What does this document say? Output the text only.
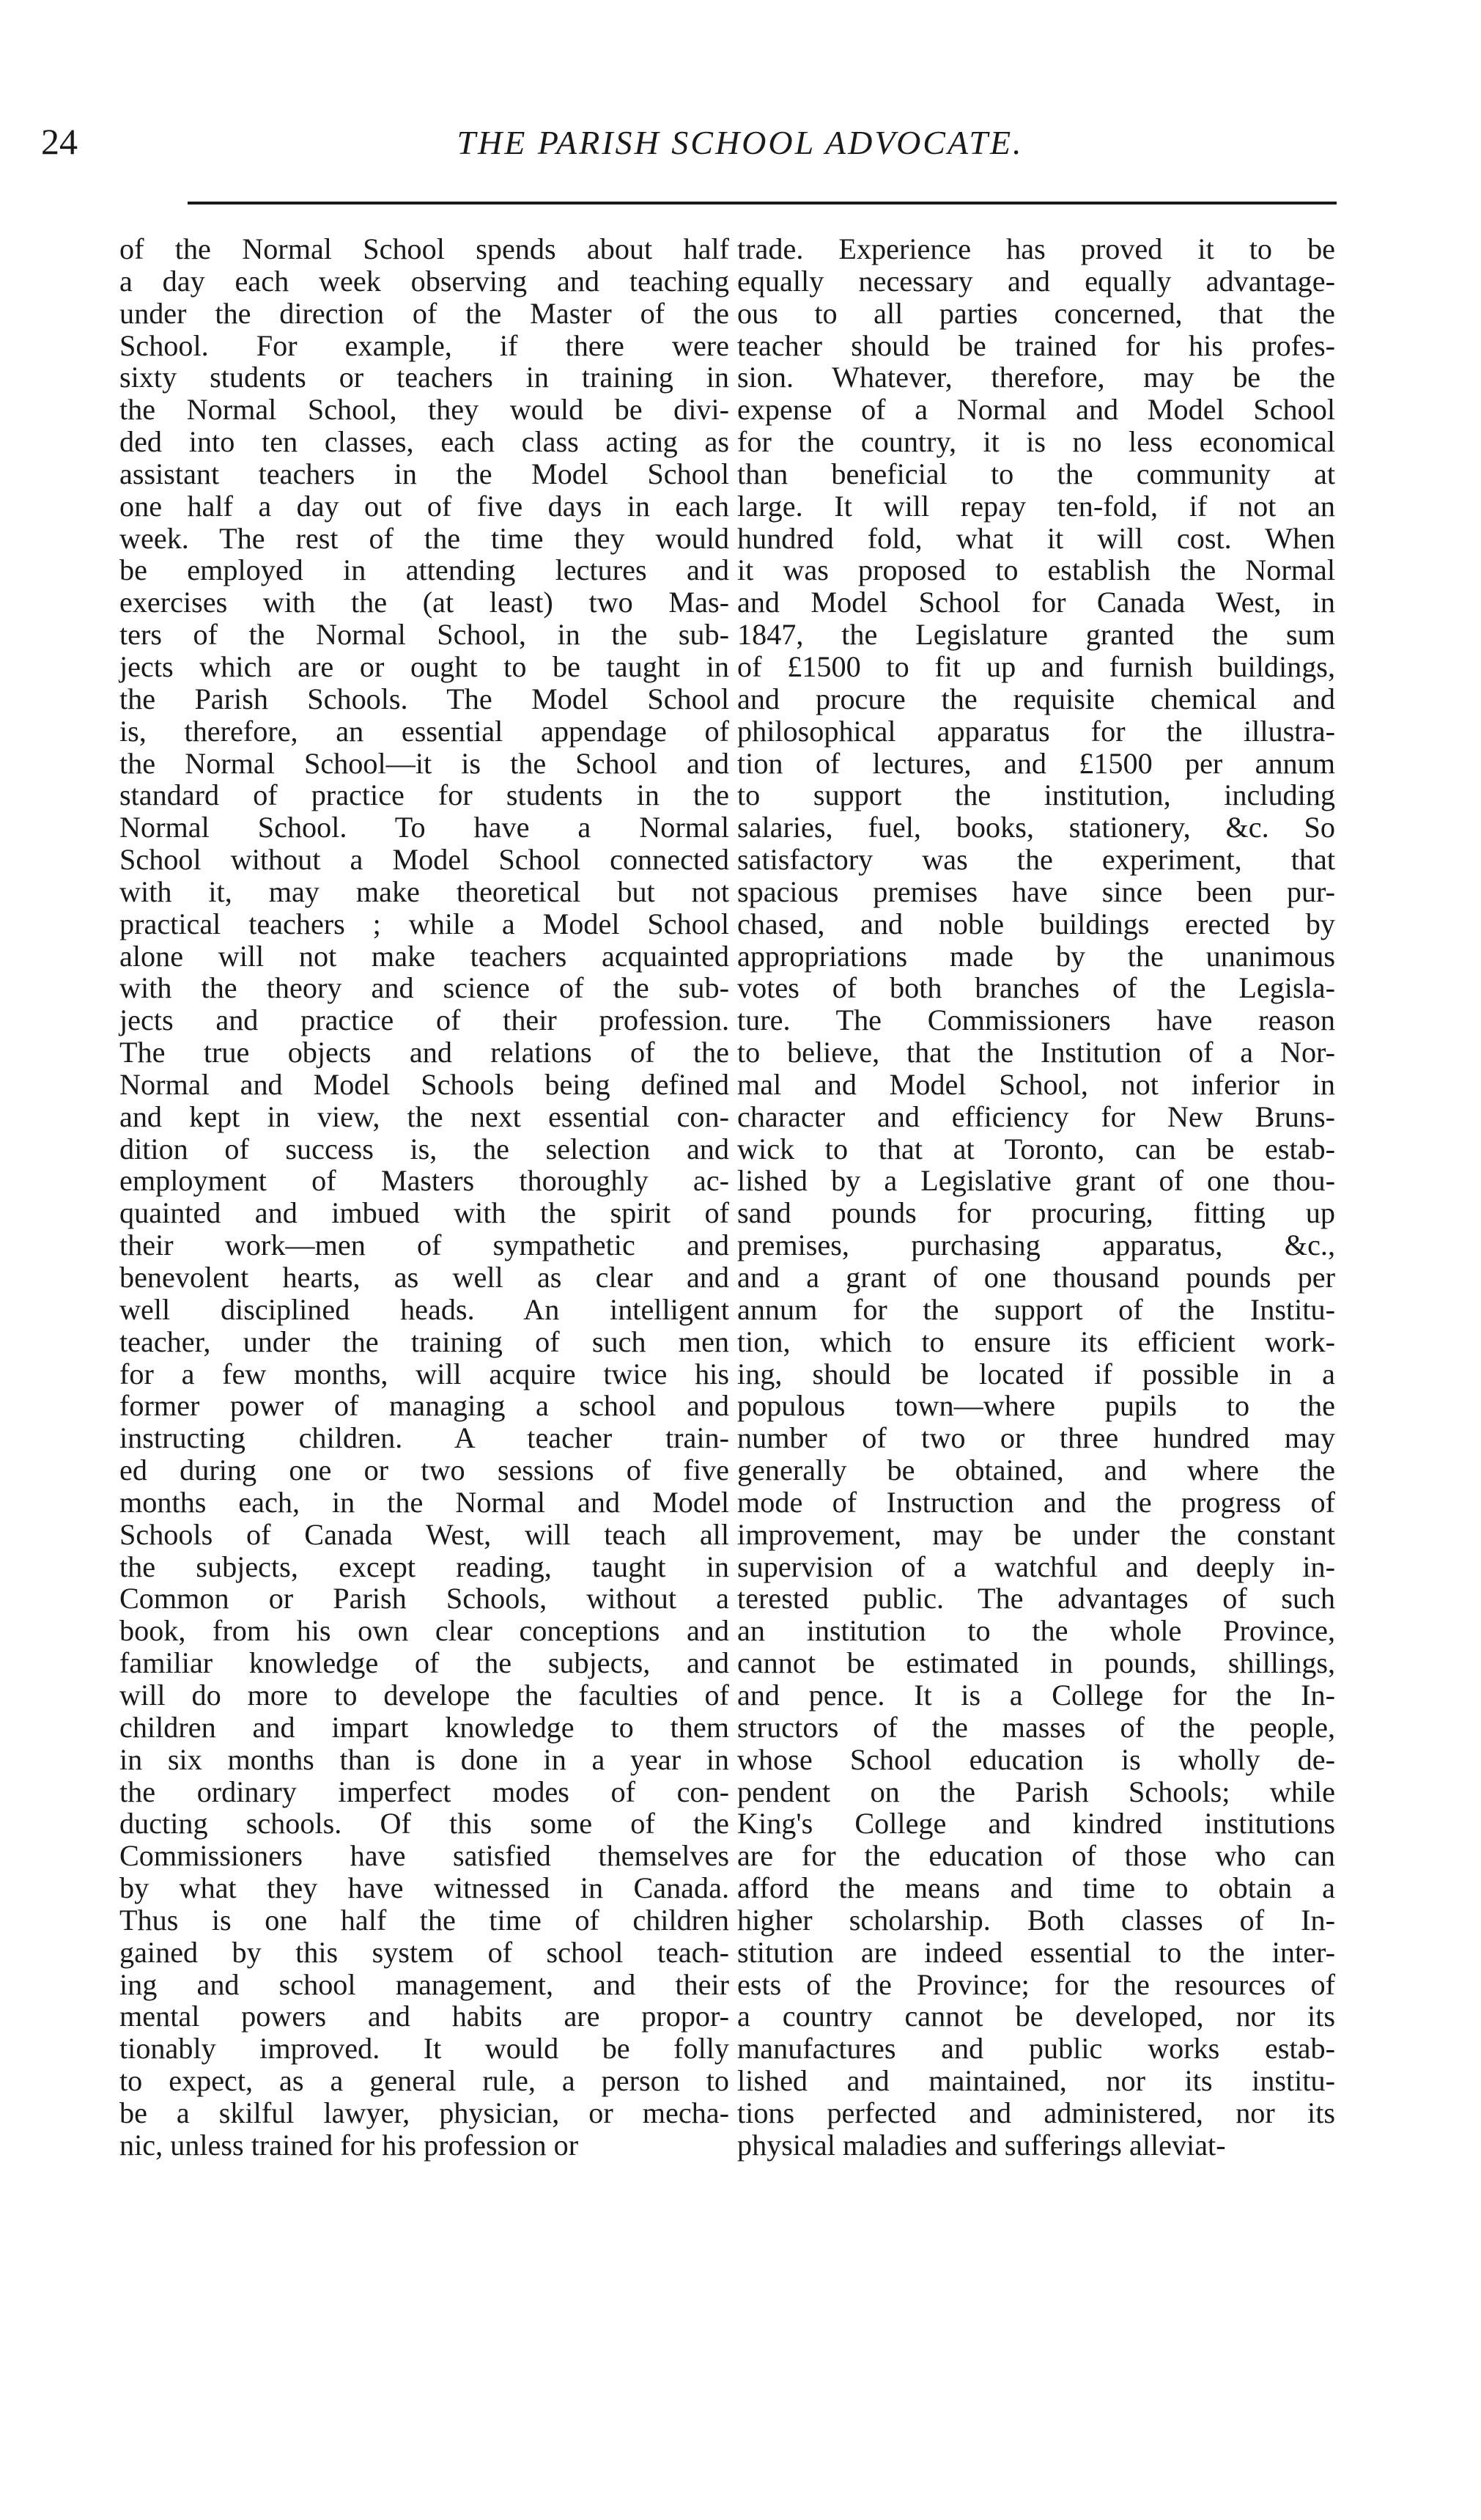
24	THE PARISH SCHOOL ADVOCATE.
of the Normal School spends about half
a day each week observing and teaching
under the direction of the Master of the
School. For example, if there were
sixty students or teachers in training in
the Normal School, they would be divi-
ded into ten classes, each class acting as
assistant teachers in the Model School
one half a day out of five days in each
week. The rest of the time they would
be employed in attending lectures and
exercises with the (at least) two Mas-
ters of the Normal School, in the sub-
jects which are or ought to be taught in
the Parish Schools. The Model School
is, therefore, an essential appendage of
the Normal School—it is the School and
standard of practice for students in the
Normal School. To have a Normal
School without a Model School connected
with it, may make theoretical but not
practical teachers ; while a Model School
alone will not make teachers acquainted
with the theory and science of the sub-
jects and practice of their profession.
The true objects and relations of the
Normal and Model Schools being defined
and kept in view, the next essential con-
dition of success is, the selection and
employment of Masters thoroughly ac-
quainted and imbued with the spirit of
their work—men of sympathetic and
benevolent hearts, as well as clear and
well disciplined heads. An intelligent
teacher, under the training of such men
for a few months, will acquire twice his
former power of managing a school and
instructing children. A teacher train-
ed during one or two sessions of five
months each, in the Normal and Model
Schools of Canada West, will teach all
the subjects, except reading, taught in
Common or Parish Schools, without a
book, from his own clear conceptions and
familiar knowledge of the subjects, and
will do more to develope the faculties of
children and impart knowledge to them
in six months than is done in a year in
the ordinary imperfect modes of con-
ducting schools. Of this some of the
Commissioners have satisfied themselves
by what they have witnessed in Canada.
Thus is one half the time of children
gained by this system of school teach-
ing and school management, and their
mental powers and habits are propor-
tionably improved. It would be folly
to expect, as a general rule, a person to
be a skilful lawyer, physician, or mecha-
nic, unless trained for his profession or
trade. Experience has proved it to be
equally necessary and equally advantage-
ous to all parties concerned, that the
teacher should be trained for his profes-
sion. Whatever, therefore, may be the
expense of a Normal and Model School
for the country, it is no less economical
than beneficial to the community at
large. It will repay ten-fold, if not an
hundred fold, what it will cost. When
it was proposed to establish the Normal
and Model School for Canada West, in
1847, the Legislature granted the sum
of £1500 to fit up and furnish buildings,
and procure the requisite chemical and
philosophical apparatus for the illustra-
tion of lectures, and £1500 per annum
to support the institution, including
salaries, fuel, books, stationery, &c. So
satisfactory was the experiment, that
spacious premises have since been pur-
chased, and noble buildings erected by
appropriations made by the unanimous
votes of both branches of the Legisla-
ture. The Commissioners have reason
to believe, that the Institution of a Nor-
mal and Model School, not inferior in
character and efficiency for New Bruns-
wick to that at Toronto, can be estab-
lished by a Legislative grant of one thou-
sand pounds for procuring, fitting up
premises, purchasing apparatus, &c.,
and a grant of one thousand pounds per
annum for the support of the Institu-
tion, which to ensure its efficient work-
ing, should be located if possible in a
populous town—where pupils to the
number of two or three hundred may
generally be obtained, and where the
mode of Instruction and the progress of
improvement, may be under the constant
supervision of a watchful and deeply in-
terested public. The advantages of such
an institution to the whole Province,
cannot be estimated in pounds, shillings,
and pence. It is a College for the In-
structors of the masses of the people,
whose School education is wholly de-
pendent on the Parish Schools; while
King's College and kindred institutions
are for the education of those who can
afford the means and time to obtain a
higher scholarship. Both classes of In-
stitution are indeed essential to the inter-
ests of the Province; for the resources of
a country cannot be developed, nor its
manufactures and public works estab-
lished and maintained, nor its institu-
tions perfected and administered, nor its
physical maladies and sufferings alleviat-
